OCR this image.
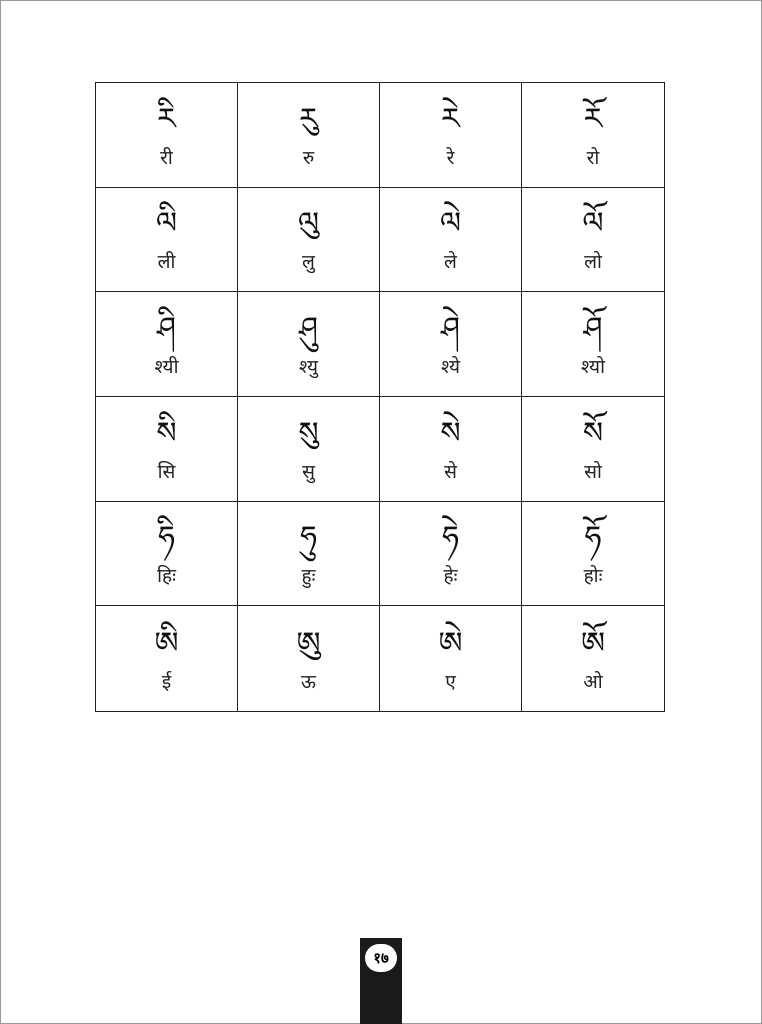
རི
री
རུ
रु
རེ
रे
རོ
रो
ལི
ली
ལུ
लु
ལེ
ले
ལོ
लो
ཤི
श्यी
ཤུ
श्यु
ཤེ
श्ये
ཤོ
श्यो
སི
सि
སུ
सु
སེ
से
སོ
सो
ཧི
हिः
ཧུ
हुः
ཧེ
हेः
ཧོ
होः
ཨི
ई
ཨུ
ऊ
ཨེ
ए
ཨོ
ओ
१७
